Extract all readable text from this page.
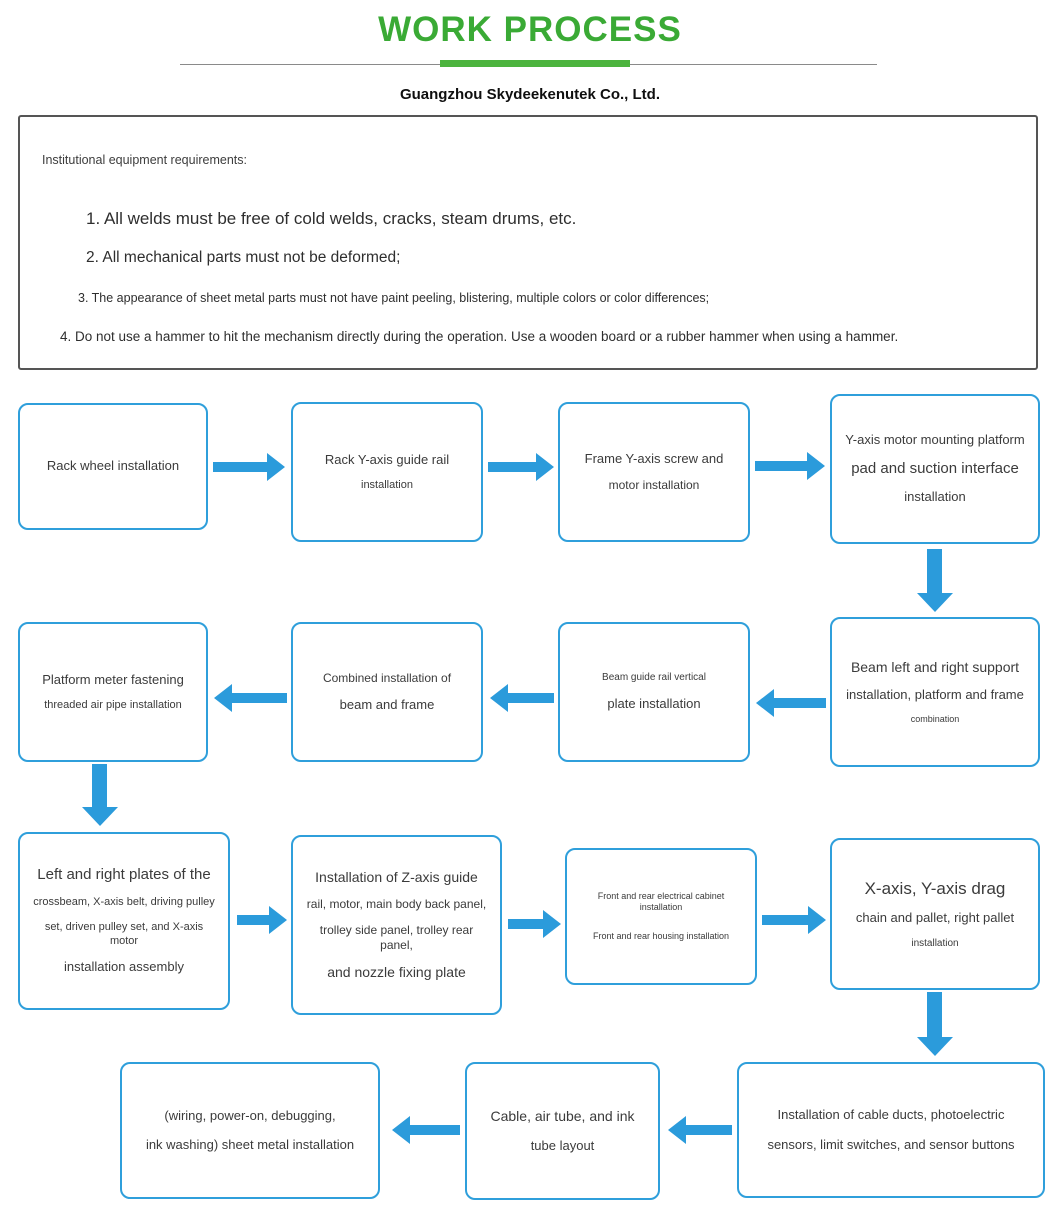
WORK PROCESS
Guangzhou Skydeekenutek Co., Ltd.
Institutional equipment requirements:
1. All welds must be free of cold welds, cracks, steam drums, etc.
2. All mechanical parts must not be deformed;
3. The appearance of sheet metal parts must not have paint peeling, blistering, multiple colors or color differences;
4. Do not use a hammer to hit the mechanism directly during the operation. Use a wooden board or a rubber hammer when using a hammer.
Rack wheel installation	Rack Y-axis guide rail
installation
Frame Y-axis screw and
motor installation
Y-axis motor mounting platform
pad and suction interface
installation
Beam left and right support
installation, platform and frame
combination
Beam guide rail vertical
plate installation
Combined installation of
beam and frame
Platform meter fastening
threaded air pipe installation
Left and right plates of the
crossbeam, X-axis belt, driving pulley
set, driven pulley set, and X-axis motor
installation assembly
Installation of Z-axis guide
rail, motor, main body back panel,
trolley side panel, trolley rear panel,
and nozzle fixing plate
Front and rear electrical cabinet installation
Front and rear housing installation
X-axis, Y-axis drag
chain and pallet, right pallet
installation
Installation of cable ducts, photoelectric
sensors, limit switches, and sensor buttons
Cable, air tube, and ink
tube layout
(wiring, power-on, debugging,
ink washing) sheet metal installation
